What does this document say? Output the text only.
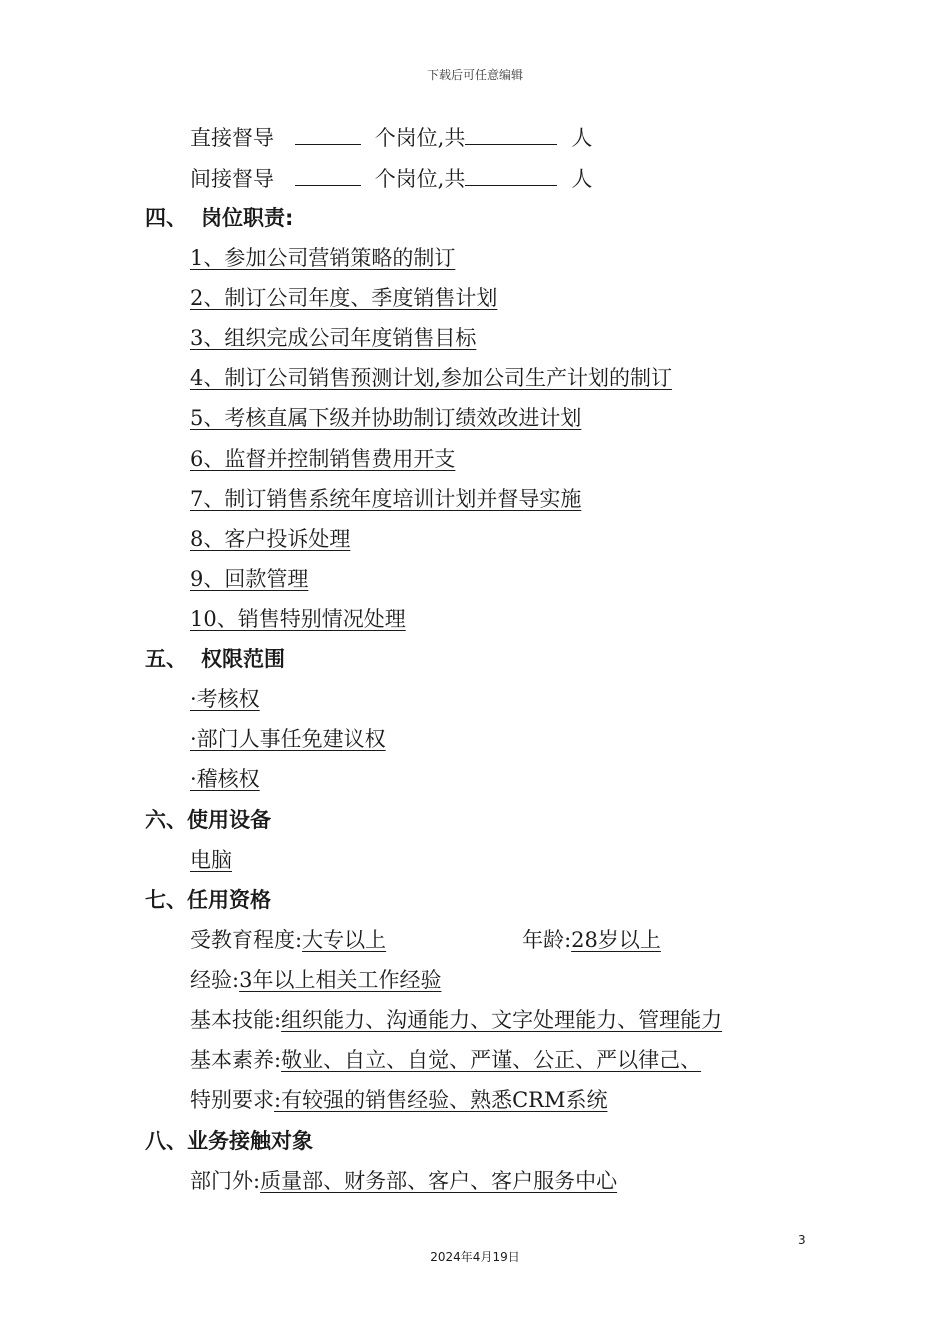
下载后可任意编辑
直接督导	个岗位,共	人
间接督导	个岗位,共	人
四、 岗位职责:
1、参加公司营销策略的制订
2、制订公司年度、季度销售计划
3、组织完成公司年度销售目标
4、制订公司销售预测计划,参加公司生产计划的制订
5、考核直属下级并协助制订绩效改进计划
6、监督并控制销售费用开支
7、制订销售系统年度培训计划并督导实施
8、客户投诉处理
9、回款管理
10、销售特别情况处理
五、 权限范围
·考核权
·部门人事任免建议权
·稽核权
六、使用设备
电脑
七、任用资格
受教育程度:大专以上	年龄:28岁以上
经验:3年以上相关工作经验
基本技能:组织能力、沟通能力、文字处理能力、管理能力
基本素养:敬业、自立、自觉、严谨、公正、严以律己、
特别要求:有较强的销售经验、熟悉CRM系统
八、业务接触对象
部门外:质量部、财务部、客户、客户服务中心
3
2024年4月19日
